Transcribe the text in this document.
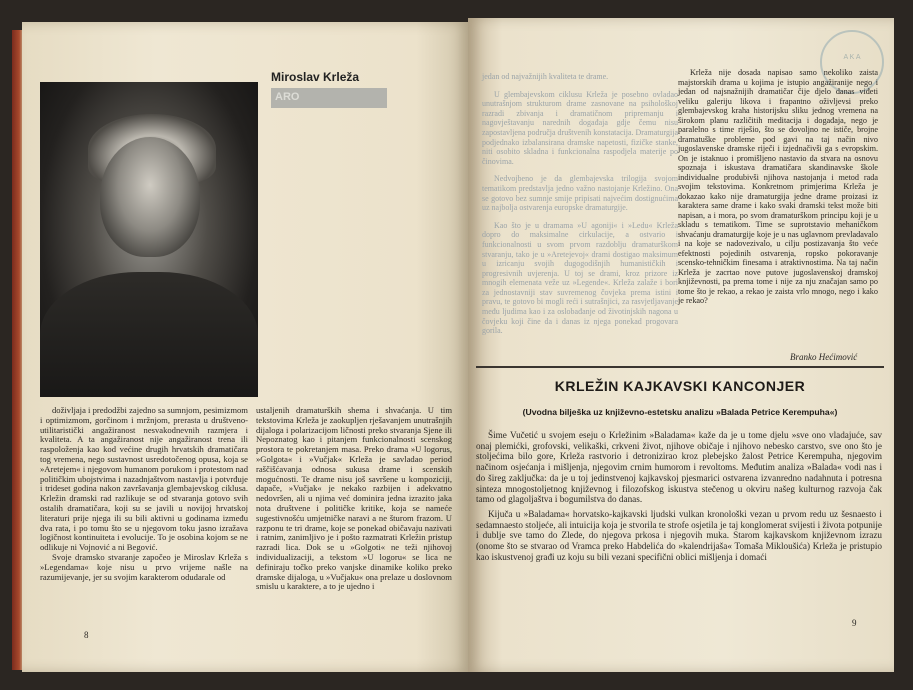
Miroslav Krleža
ARO

doživljaja i predodžbi zajedno sa sumnjom, pesimizmom i optimizmom, gorčinom i mržnjom, prerasta u društveno-utilitaristički angažiranost nesvakodnevnih razmjera i kvaliteta. A ta angažiranost nije angažiranost trena ili raspoloženja kao kod većine drugih hrvatskih dramatičara tog vremena, nego sustavnost usredotočenog opusa, koja se »Aretejem« i njegovom humanom porukom i protestom nad političkim ubojstvima i nazadnjaštvom nastavlja i potvrđuje i trideset godina nakon završavanja glembajevskog ciklusa. Krležin dramski rad razlikuje se od stvaranja gotovo svih ostalih dramatičara, koji su se javili u novijoj hrvatskoj literaturi prije njega ili su bili aktivni u godinama između dva rata, i po tomu što se u njegovom toku jasno izražava logičnost kontinuiteta i evolucije. To je osobina kojom se ne odlikuje ni Vojnović a ni Begović.

Svoje dramsko stvaranje započeo je Miroslav Krleža s »Legendama« koje nisu u prvo vrijeme našle na razumijevanje, jer su svojim karakterom odudarale od

ustaljenih dramaturških shema i shvaćanja. U tim tekstovima Krleža je zaokupljen rješavanjem unutrašnjih dijaloga i polarizacijom ličnosti preko stvaranja Sjene ili Nepoznatog kao i pitanjem funkcionalnosti scenskog prostora te pokretanjem masa. Preko drama »U logorus, »Golgota« i »Vučjak« Krleža je savladao period raščišćavanja odnosa sukusa drame i scenskih mogućnosti. Te drame nisu još savršene u kompoziciji, dapače, »Vučjak« je nekako razbijen i adekvatno nedovršen, ali u njima već dominira jedna izrazito jaka nota društvene i političke kritike, koja se nameće sugestivnošću umjetničke naravi a ne šturom frazom. U razponu te tri drame, koje se ponekad običavaju nazivati i ratnim, zanimljivo je i pošto razmatrati Krležin pristup razradi lica. Dok se u »Golgoti« ne teži njihovoj individualizaciji, a tekstom »U logoru« se lica ne definiraju točko preko vanjske dinamike koliko preko dramske dijaloga, u »Vučjaku« ona prelaze u doslovnom smislu u karaktere, a to je ujedno i

8

jedan od najvažnijih kvaliteta te drame.

U glembajevskom ciklusu Krleža je posebno ovladao unutrašnjom strukturom drame zasnovane na psihološkoj razradi zbivanja i dramatičnom pripremanju i nagovještavanju narednih događaja gdje čemu nisu zapostavljena područja društvenih konstatacija. Dramaturgija podjednako izbalansirana dramske napetosti, fizičke stanke, niti osobito skladna i funkcionalna raspodjela materije po činovima.

Nedvojbeno je da glembajevska trilogija svojom tematikom predstavlja jedno važno nastojanje Krležino. Ona se gotovo bez sumnje smije pripisati najvećim dostignućima uz najbolja ostvarenja europske dramaturgije.

Kao što je u dramama »U agoniji« i »Ledu« Krleža dopro do maksimalne cirkulacije, a ostvario i funkcionalnosti u svom prvom razdoblju dramaturškom stvaranju, tako je u »Aretejevoj« drami dostigao maksimum u izricanju svojih dugogodišnjih humanističkih i progresivnih uvjerenja. U toj se drami, kroz prizore iz mnogih elemenata veže uz »Legende«. Krleža zalaže i bori za jednostavniji stav suvremenog čovjeka prema istini i pravu, te gotovo bi mogli reći i sutrašnjici, za rasvjetljavanje među ljudima kao i za oslobađanje od životinjskih nagona u čovjeku koji čine da i danas iz njega ponekad progovara gorila.

A K A

Krleža nije dosada napisao samo nekoliko zaista majstorskih drama u kojima je istupio angažiranije nego i jedan od najsnažnijih dramatičar čije djelo danas viđeti veliku galeriju likova i frapantno oživljevsi preko glembajevskog kraha historijsku sliku jednog vremena na širokom planu različitih meditacija i događaja, nego je paralelno s time riješio, što se dovoljno ne ističe, brojne dramatuške probleme pod gavi na taj način nivo jugoslavenske dramske riječi i izjednačivši ga s evropskim. On je istaknuo i promišljeno nastavio da stvara na osnovu spoznaja i iskustava dramatičara skandinavske škole individualne produbivši njihova nastojanja i metod rada svojim tekstovima. Konkretnom primjerima Krleža je dokazao kako nije dramaturgija jedne drame proizasi iz karaktera same drame i kako svaki dramski tekst može biti napisan, a i mora, po svom dramaturškom principu koji je u skladu s tematikom. Time se suprotstavio mehaničkom shvaćanju dramaturgije koje je u nas uglavnom prevladavalo i na koje se nadovezivalo, u cilju postizavanja što veće efektnosti pojedinih ostvarenja, ropsko pokoravanje scensko-tehničkim finesama i atraktivnostima. Na taj način Krleža je zacrtao nove putove jugoslavenskoj dramskoj književnosti, pa prema tome i nije za nju značajan samo po tome što je rekao, a rekao je zaista vrlo mnogo, nego i kako je rekao?

Branko Hećimović
KRLEŽIN KAJKAVSKI KANCONJER
(Uvodna bilješka uz književno-estetsku analizu »Balada Petrice Kerempuha«)

Šime Vučetić u svojem eseju o Krležinim »Baladama« kaže da je u tome djelu »sve ono vladajuće, sav onaj plemićki, grofovski, velikaški, crkveni život, njihove običaje i njihovo nebesko carstvo, sve ono što je stoljećima bilo gore, Krleža rastvorio i detronizirao kroz plebejsko žalost Petrice Kerempuha, njegovim načinom osjećanja i mišljenja, njegovim crnim humorom i revoltoms. Međutim analiza »Balada« vodi nas i do šireg zaključka: da je u toj jedinstvenoj kajkavskoj pjesmarici ostvarena izvanredno nadahnuta i potresna sinteza mnogostoljetnog književnog i filozofskog iskustva stečenog u okviru našeg kulturnog razvoja čak tamo od glagoljaštva i bogumilstva do danas.

Kijuča u »Baladama« horvatsko-kajkavski ljudski vulkan kronološki vezan u prvom redu uz šesnaesto i sedamnaesto stoljeće, ali intuicija koja je stvorila te strofe osjetila je taj konglomerat svijesti i života potpunije i dublje sve tamo do Zlede, do njegova prkosa i njegovih muka. Starom kajkavskom književnom izrazu (onome što se stvarao od Vramca preko Habdelića do »kalendrijaša« Tomaša Mikloušića) Krleža je pristupio kao iskustvenoj građi uz koju su bili vezani specifični oblici mišljenja i domaći

9
